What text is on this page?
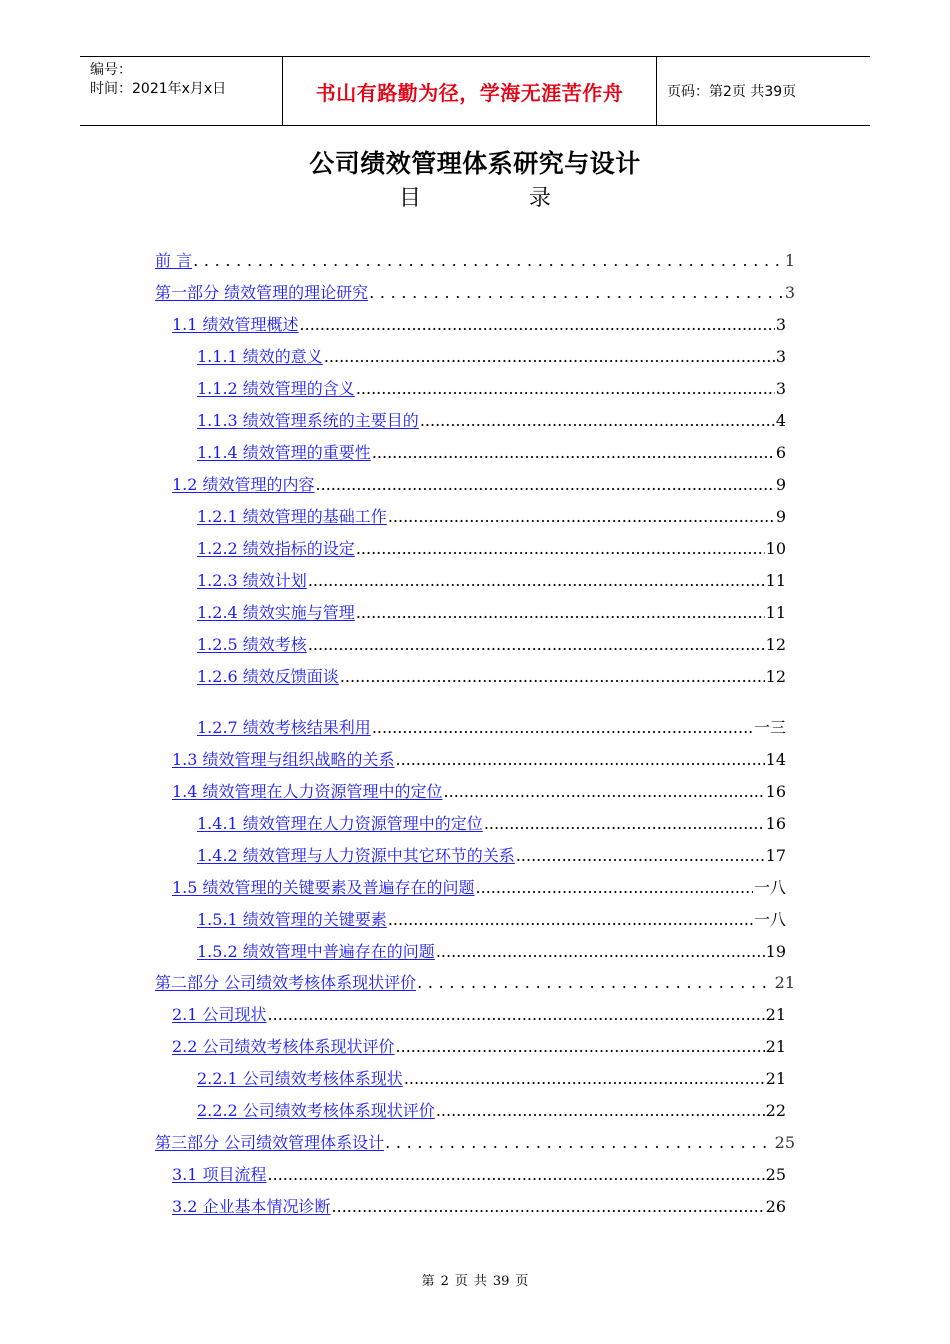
编号：
时间：2021年x月x日	书山有路勤为径，学海无涯苦作舟	页码：第2页 共39页
公司绩效管理体系研究与设计
目	录
前 言 . . .	1
第一部分 绩效管理的理论研究 . . .	3
1.1 绩效管理概述 .....	3
1.1.1 绩效的意义 .....	3
1.1.2 绩效管理的含义 .....	3
1.1.3 绩效管理系统的主要目的 .....	4
1.1.4 绩效管理的重要性 .....	6
1.2 绩效管理的内容 .....	9
1.2.1 绩效管理的基础工作 .....	9
1.2.2 绩效指标的设定 .....	10
1.2.3 绩效计划 .....	11
1.2.4 绩效实施与管理 .....	11
1.2.5 绩效考核 .....	12
1.2.6 绩效反馈面谈 .....	12
1.2.7 绩效考核结果利用 .....	一三
1.3 绩效管理与组织战略的关系 .....	14
1.4 绩效管理在人力资源管理中的定位 .....	16
1.4.1 绩效管理在人力资源管理中的定位 .....	16
1.4.2 绩效管理与人力资源中其它环节的关系 .....	17
1.5 绩效管理的关键要素及普遍存在的问题 .....	一八
1.5.1 绩效管理的关键要素 .....	一八
1.5.2 绩效管理中普遍存在的问题 .....	19
第二部分 公司绩效考核体系现状评价 . . .	21
2.1 公司现状 .....	21
2.2 公司绩效考核体系现状评价 .....	21
2.2.1 公司绩效考核体系现状 .....	21
2.2.2 公司绩效考核体系现状评价 .....	22
第三部分 公司绩效管理体系设计 . . .	25
3.1 项目流程 .....	25
3.2 企业基本情况诊断 .....	26
第 2 页 共 39 页
